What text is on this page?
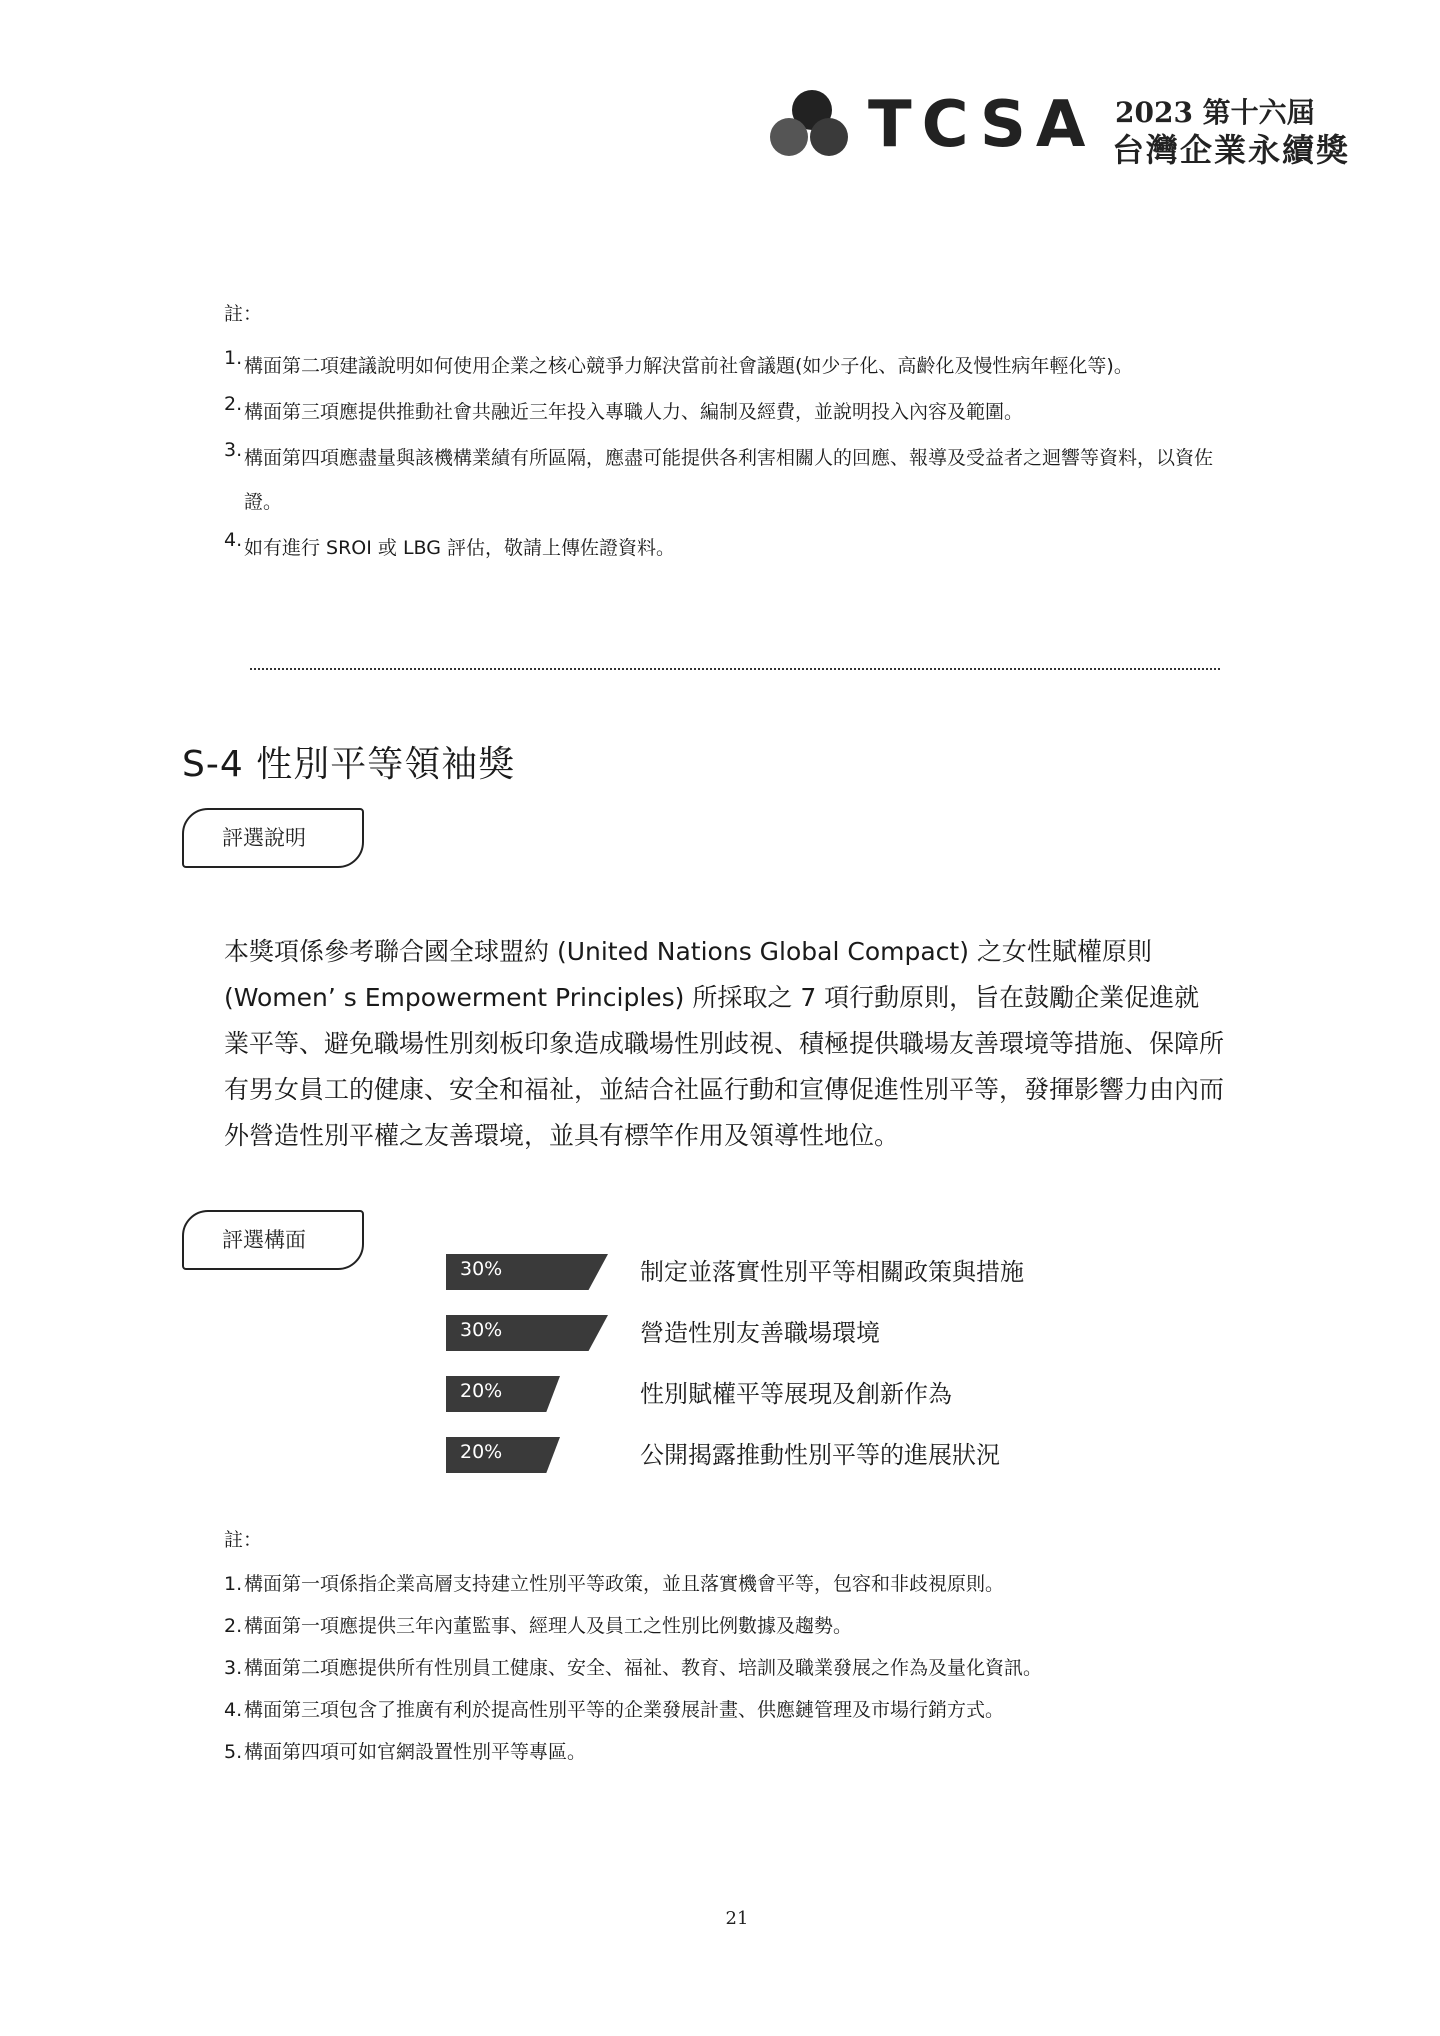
TCSA 2023 第十六屆
台灣企業永續獎
註：
1. 構面第二項建議說明如何使用企業之核心競爭力解決當前社會議題(如少子化、高齡化及慢性病年輕化等)。
2. 構面第三項應提供推動社會共融近三年投入專職人力、編制及經費，並說明投入內容及範圍。
3. 構面第四項應盡量與該機構業績有所區隔，應盡可能提供各利害相關人的回應、報導及受益者之迴響等資料，以資佐證。
4. 如有進行 SROI 或 LBG 評估，敬請上傳佐證資料。
S-4 性別平等領袖獎
評選說明

本獎項係參考聯合國全球盟約 (United Nations Global Compact) 之女性賦權原則 (Women’ s Empowerment Principles) 所採取之 7 項行動原則，旨在鼓勵企業促進就業平等、避免職場性別刻板印象造成職場性別歧視、積極提供職場友善環境等措施、保障所有男女員工的健康、安全和福祉，並結合社區行動和宣傳促進性別平等，發揮影響力由內而外營造性別平權之友善環境，並具有標竿作用及領導性地位。

評選構面
30%	制定並落實性別平等相關政策與措施
30%	營造性別友善職場環境
20%	性別賦權平等展現及創新作為
20%	公開揭露推動性別平等的進展狀況
註：
1. 構面第一項係指企業高層支持建立性別平等政策，並且落實機會平等，包容和非歧視原則。
2. 構面第一項應提供三年內董監事、經理人及員工之性別比例數據及趨勢。
3. 構面第二項應提供所有性別員工健康、安全、福祉、教育、培訓及職業發展之作為及量化資訊。
4. 構面第三項包含了推廣有利於提高性別平等的企業發展計畫、供應鏈管理及市場行銷方式。
5. 構面第四項可如官網設置性別平等專區。
21
